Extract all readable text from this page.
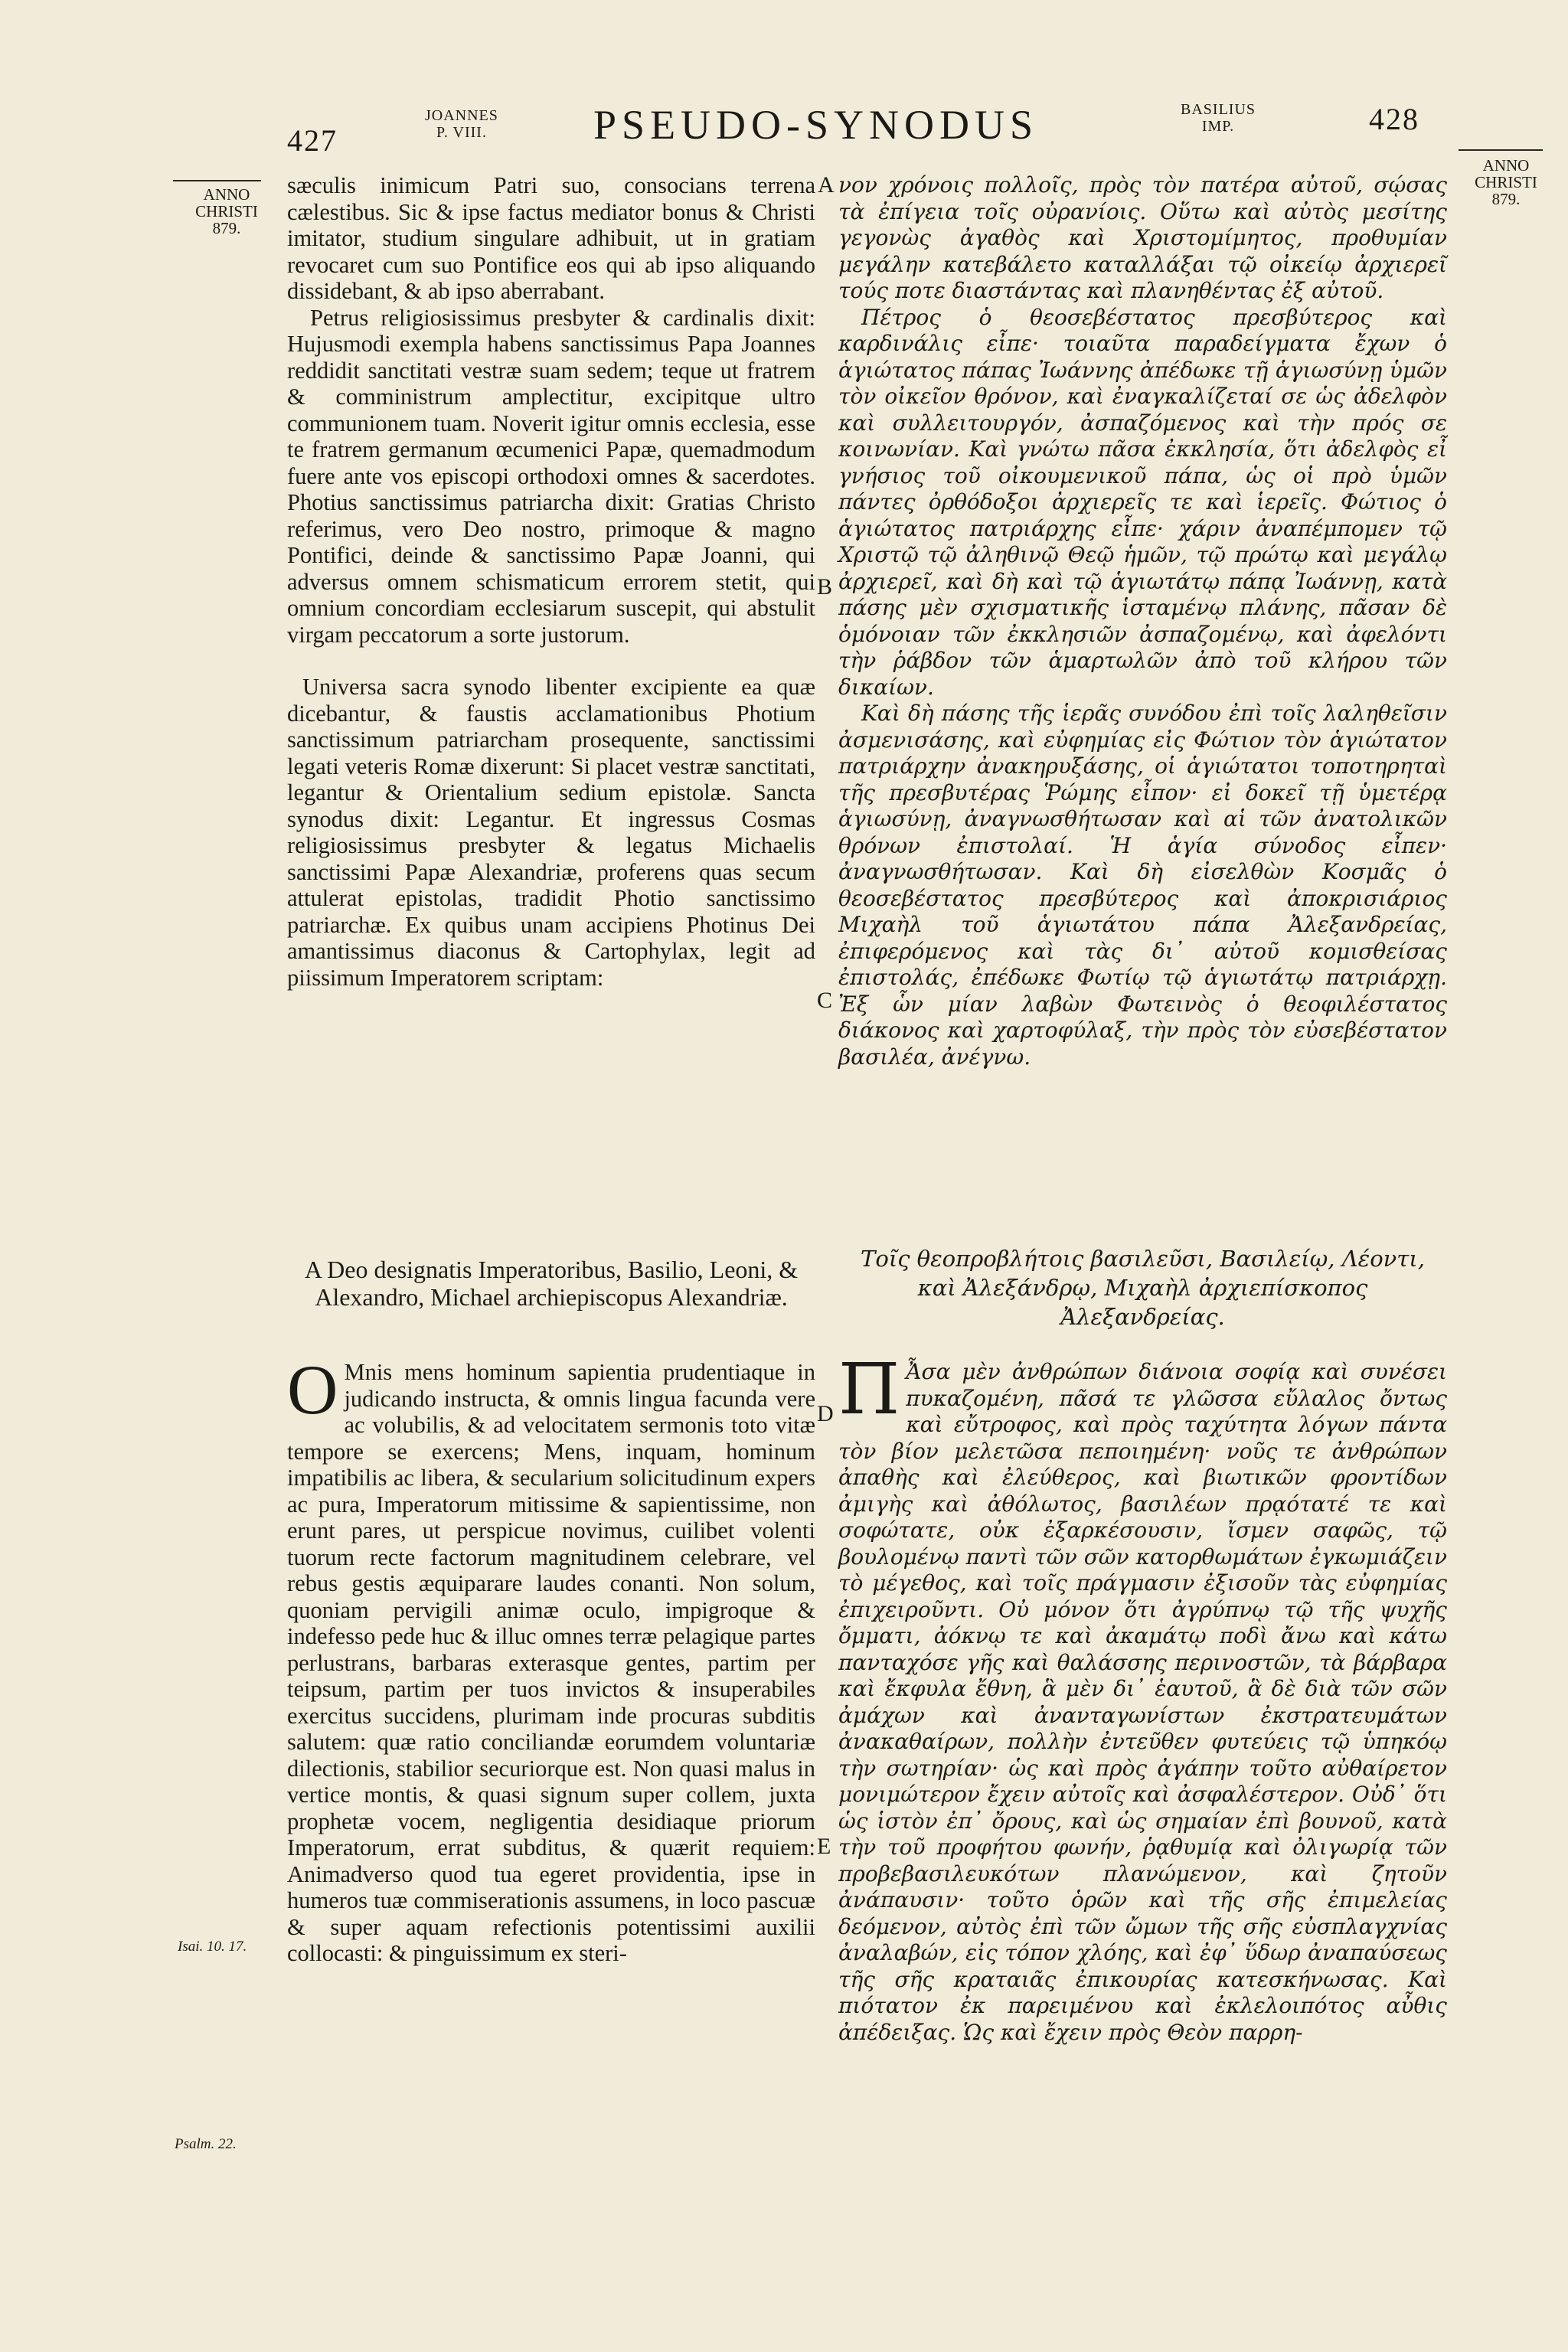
427
JOANNES
P. VIII.	PSEUDO-SYNODUS	BASILIUS
IMP.	428
ANNO
CHRISTI
879.
ANNO
CHRISTI
879.
Isai. 10. 17.
Psalm. 22.
A
B
C
D
E

sæculis inimicum Patri suo, consocians terrena cælestibus. Sic & ipse factus mediator bonus & Christi imitator, studium singulare adhibuit, ut in gratiam revocaret cum suo Pontifice eos qui ab ipso aliquando dissidebant, & ab ipso aberrabant.

Petrus religiosissimus presbyter & cardinalis dixit: Hujusmodi exempla habens sanctissimus Papa Joannes reddidit sanctitati vestræ suam sedem; teque ut fratrem & comministrum amplectitur, excipitque ultro communionem tuam. Noverit igitur omnis ecclesia, esse te fratrem germanum œcumenici Papæ, quemadmodum fuere ante vos episcopi orthodoxi omnes & sacerdotes. Photius sanctissimus patriarcha dixit: Gratias Christo referimus, vero Deo nostro, primoque & magno Pontifici, deinde & sanctissimo Papæ Joanni, qui adversus omnem schismaticum errorem stetit, qui omnium concordiam ecclesiarum suscepit, qui abstulit virgam peccatorum a sorte justorum.

Universa sacra synodo libenter excipiente ea quæ dicebantur, & faustis acclamationibus Photium sanctissimum patriarcham prosequente, sanctissimi legati veteris Romæ dixerunt: Si placet vestræ sanctitati, legantur & Orientalium sedium epistolæ. Sancta synodus dixit: Legantur. Et ingressus Cosmas religiosissimus presbyter & legatus Michaelis sanctissimi Papæ Alexandriæ, proferens quas secum attulerat epistolas, tradidit Photio sanctissimo patriarchæ. Ex quibus unam accipiens Photinus Dei amantissimus diaconus & Cartophylax, legit ad piissimum Imperatorem scriptam:

νον χρόνοις πολλοῖς, πρὸς τὸν πατέρα αὐτοῦ, σῴσας τὰ ἐπίγεια τοῖς οὐρανίοις. Οὕτω καὶ αὐτὸς μεσίτης γεγονὼς ἀγαθὸς καὶ Χριστομίμητος, προθυμίαν μεγάλην κατεβάλετο καταλλάξαι τῷ οἰκείῳ ἀρχιερεῖ τούς ποτε διαστάντας καὶ πλανηθέντας ἐξ αὐτοῦ.

Πέτρος ὁ θεοσεβέστατος πρεσβύτερος καὶ καρδινάλις εἶπε· τοιαῦτα παραδείγματα ἔχων ὁ ἁγιώτατος πάπας Ἰωάννης ἀπέδωκε τῇ ἁγιωσύνῃ ὑμῶν τὸν οἰκεῖον θρόνον, καὶ ἐναγκαλίζεταί σε ὡς ἀδελφὸν καὶ συλλειτουργόν, ἀσπαζόμενος καὶ τὴν πρός σε κοινωνίαν. Καὶ γνώτω πᾶσα ἐκκλησία, ὅτι ἀδελφὸς εἶ γνήσιος τοῦ οἰκουμενικοῦ πάπα, ὡς οἱ πρὸ ὑμῶν πάντες ὀρθόδοξοι ἀρχιερεῖς τε καὶ ἱερεῖς. Φώτιος ὁ ἁγιώτατος πατριάρχης εἶπε· χάριν ἀναπέμπομεν τῷ Χριστῷ τῷ ἀληθινῷ Θεῷ ἡμῶν, τῷ πρώτῳ καὶ μεγάλῳ ἀρχιερεῖ, καὶ δὴ καὶ τῷ ἁγιωτάτῳ πάπᾳ Ἰωάννῃ, κατὰ πάσης μὲν σχισματικῆς ἱσταμένῳ πλάνης, πᾶσαν δὲ ὁμόνοιαν τῶν ἐκκλησιῶν ἀσπαζομένῳ, καὶ ἀφελόντι τὴν ῥάβδον τῶν ἁμαρτωλῶν ἀπὸ τοῦ κλήρου τῶν δικαίων.

Καὶ δὴ πάσης τῆς ἱερᾶς συνόδου ἐπὶ τοῖς λαληθεῖσιν ἀσμενισάσης, καὶ εὐφημίας εἰς Φώτιον τὸν ἁγιώτατον πατριάρχην ἀνακηρυξάσης, οἱ ἁγιώτατοι τοποτηρηταὶ τῆς πρεσβυτέρας Ῥώμης εἶπον· εἰ δοκεῖ τῇ ὑμετέρᾳ ἁγιωσύνῃ, ἀναγνωσθήτωσαν καὶ αἱ τῶν ἀνατολικῶν θρόνων ἐπιστολαί. Ἡ ἁγία σύνοδος εἶπεν· ἀναγνωσθήτωσαν. Καὶ δὴ εἰσελθὼν Κοσμᾶς ὁ θεοσεβέστατος πρεσβύτερος καὶ ἀποκρισιάριος Μιχαὴλ τοῦ ἁγιωτάτου πάπα Ἀλεξανδρείας, ἐπιφερόμενος καὶ τὰς δι᾽ αὐτοῦ κομισθείσας ἐπιστολάς, ἐπέδωκε Φωτίῳ τῷ ἁγιωτάτῳ πατριάρχῃ. Ἐξ ὧν μίαν λαβὼν Φωτεινὸς ὁ θεοφιλέστατος διάκονος καὶ χαρτοφύλαξ, τὴν πρὸς τὸν εὐσεβέστατον βασιλέα, ἀνέγνω.

A Deo designatis Imperatoribus, Basilio, Leoni, & Alexandro, Michael archiepiscopus Alexandriæ.
Τοῖς θεοπροβλήτοις βασιλεῦσι, Βασιλείῳ, Λέοντι, καὶ Ἀλεξάνδρῳ, Μιχαὴλ ἀρχιεπίσκοπος Ἀλεξανδρείας.

O Mnis mens hominum sapientia prudentiaque in judicando instructa, & omnis lingua facunda vere ac volubilis, & ad velocitatem sermonis toto vitæ tempore se exercens; Mens, inquam, hominum impatibilis ac libera, & secularium solicitudinum expers ac pura, Imperatorum mitissime & sapientissime, non erunt pares, ut perspicue novimus, cuilibet volenti tuorum recte factorum magnitudinem celebrare, vel rebus gestis æquiparare laudes conanti. Non solum, quoniam pervigili animæ oculo, impigroque & indefesso pede huc & illuc omnes terræ pelagique partes perlustrans, barbaras exterasque gentes, partim per teipsum, partim per tuos invictos & insuperabiles exercitus succidens, plurimam inde procuras subditis salutem: quæ ratio conciliandæ eorumdem voluntariæ dilectionis, stabilior securiorque est. Non quasi malus in vertice montis, & quasi signum super collem, juxta prophetæ vocem, negligentia desidiaque priorum Imperatorum, errat subditus, & quærit requiem: Animadverso quod tua egeret providentia, ipse in humeros tuæ commiserationis assumens, in loco pascuæ & super aquam refectionis potentissimi auxilii collocasti: & pinguissimum ex steri-

Π Ἆσα μὲν ἀνθρώπων διάνοια σοφίᾳ καὶ συνέσει πυκαζομένη, πᾶσά τε γλῶσσα εὔλαλος ὄντως καὶ εὔτροφος, καὶ πρὸς ταχύτητα λόγων πάντα τὸν βίον μελετῶσα πεποιημένη· νοῦς τε ἀνθρώπων ἀπαθὴς καὶ ἐλεύθερος, καὶ βιωτικῶν φροντίδων ἀμιγὴς καὶ ἀθόλωτος, βασιλέων πρᾳότατέ τε καὶ σοφώτατε, οὐκ ἐξαρκέσουσιν, ἴσμεν σαφῶς, τῷ βουλομένῳ παντὶ τῶν σῶν κατορθωμάτων ἐγκωμιάζειν τὸ μέγεθος, καὶ τοῖς πράγμασιν ἐξισοῦν τὰς εὐφημίας ἐπιχειροῦντι. Οὐ μόνον ὅτι ἀγρύπνῳ τῷ τῆς ψυχῆς ὄμματι, ἀόκνῳ τε καὶ ἀκαμάτῳ ποδὶ ἄνω καὶ κάτω πανταχόσε γῆς καὶ θαλάσσης περινοστῶν, τὰ βάρβαρα καὶ ἔκφυλα ἔθνη, ἃ μὲν δι᾽ ἑαυτοῦ, ἃ δὲ διὰ τῶν σῶν ἀμάχων καὶ ἀνανταγωνίστων ἐκστρατευμάτων ἀνακαθαίρων, πολλὴν ἐντεῦθεν φυτεύεις τῷ ὑπηκόῳ τὴν σωτηρίαν· ὡς καὶ πρὸς ἀγάπην τοῦτο αὐθαίρετον μονιμώτερον ἔχειν αὐτοῖς καὶ ἀσφαλέστερον. Οὐδ᾽ ὅτι ὡς ἱστὸν ἐπ᾽ ὄρους, καὶ ὡς σημαίαν ἐπὶ βουνοῦ, κατὰ τὴν τοῦ προφήτου φωνήν, ῥᾳθυμίᾳ καὶ ὀλιγωρίᾳ τῶν προβεβασιλευκότων πλανώμενον, καὶ ζητοῦν ἀνάπαυσιν· τοῦτο ὁρῶν καὶ τῆς σῆς ἐπιμελείας δεόμενον, αὐτὸς ἐπὶ τῶν ὤμων τῆς σῆς εὐσπλαγχνίας ἀναλαβών, εἰς τόπον χλόης, καὶ ἐφ᾽ ὕδωρ ἀναπαύσεως τῆς σῆς κραταιᾶς ἐπικουρίας κατεσκήνωσας. Καὶ πιότατον ἐκ παρειμένου καὶ ἐκλελοιπότος αὖθις ἀπέδειξας. Ὡς καὶ ἔχειν πρὸς Θεὸν παρρη-
